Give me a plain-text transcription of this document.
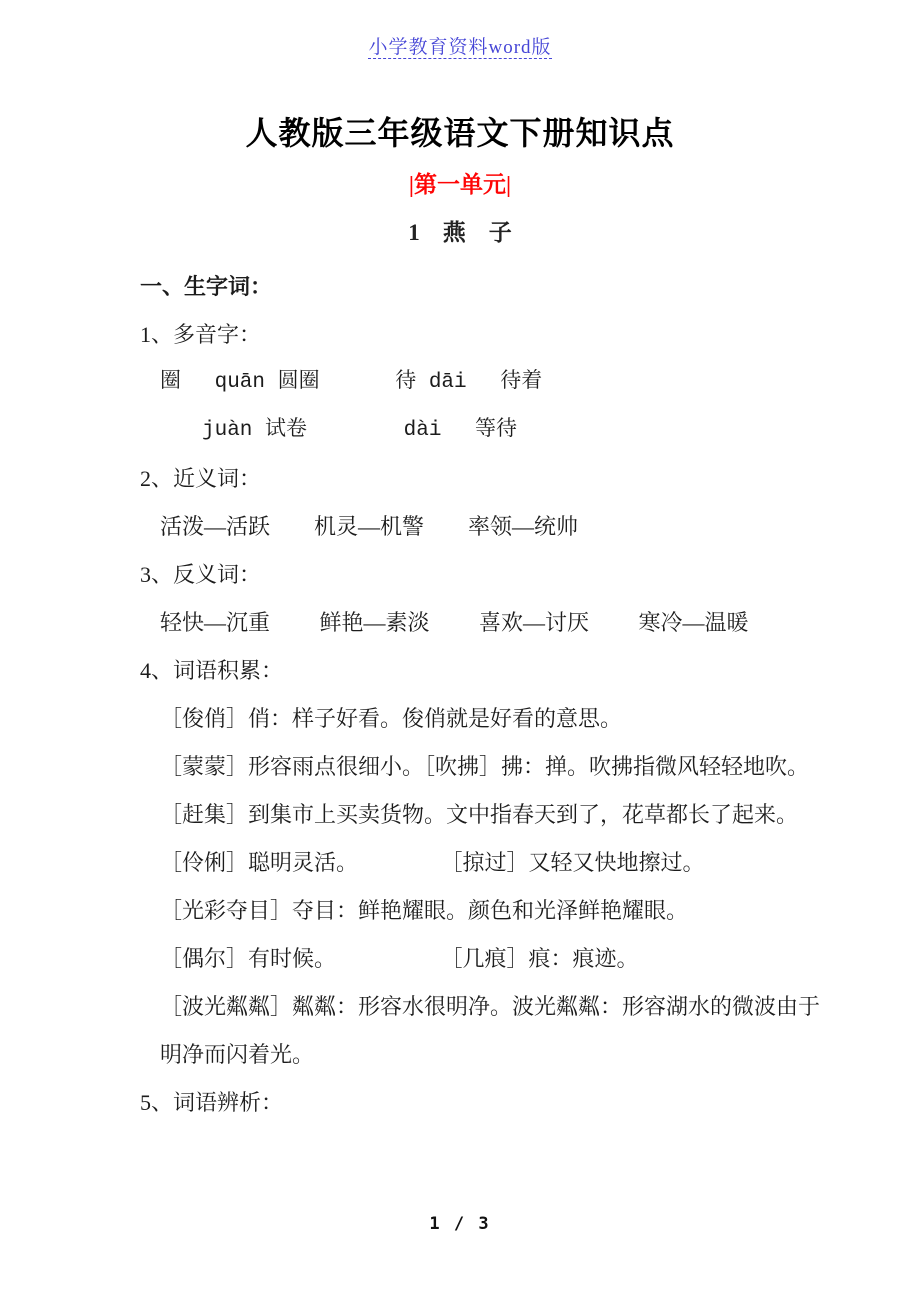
小学教育资料word版
人教版三年级语文下册知识点
|第一单元|
1　燕　子

一、生字词：

1、多音字：

圈　 quān 圆圈　　　 待 dāi　 待着

juàn 试卷　　　　 dài　 等待

2、近义词：

活泼—活跃　　机灵—机警　　率领—统帅

3、反义词：

轻快—沉重　　 鲜艳—素淡　　 喜欢—讨厌　　 寒冷—温暖

4、词语积累：

［俊俏］俏：样子好看。俊俏就是好看的意思。

［蒙蒙］形容雨点很细小。［吹拂］拂：掸。吹拂指微风轻轻地吹。

［赶集］到集市上买卖货物。文中指春天到了，花草都长了起来。

［伶俐］聪明灵活。　　　　 ［掠过］又轻又快地擦过。

［光彩夺目］夺目：鲜艳耀眼。颜色和光泽鲜艳耀眼。

［偶尔］有时候。　　　　　 ［几痕］痕：痕迹。

［波光粼粼］粼粼：形容水很明净。波光粼粼：形容湖水的微波由于明净而闪着光。

5、词语辨析：

1 / 3
